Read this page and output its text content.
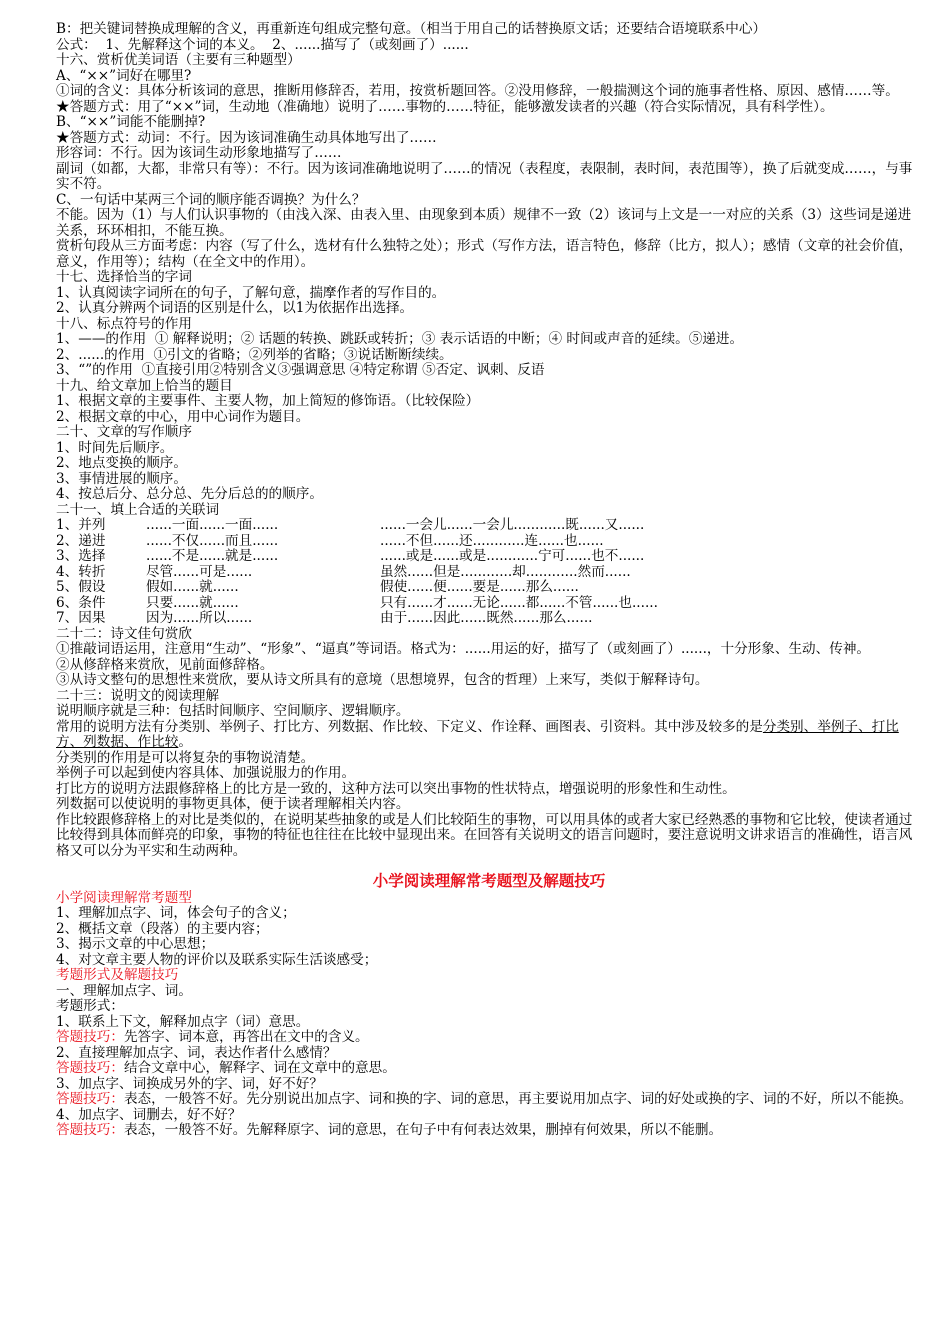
B：把关键词替换成理解的含义，再重新连句组成完整句意。（相当于用自己的话替换原文话；还要结合语境联系中心）

公式：  1、先解释这个词的本义。  2、......描写了（或刻画了）......

十六、赏析优美词语（主要有三种题型）

A、“××”词好在哪里?

①词的含义：具体分析该词的意思，推断用修辞否，若用，按赏析题回答。②没用修辞，一般揣测这个词的施事者性格、原因、感情……等。

★答题方式：用了“××”词，生动地（准确地）说明了……事物的……特征，能够激发读者的兴趣（符合实际情况，具有科学性）。

B、“××”词能不能删掉?

★答题方式：动词：不行。因为该词准确生动具体地写出了……

形容词：不行。因为该词生动形象地描写了……

副词（如都，大都，非常只有等）：不行。因为该词准确地说明了……的情况（表程度，表限制，表时间，表范围等），换了后就变成……，与事实不符。

C、一句话中某两三个词的顺序能否调换？为什么？

不能。因为（1）与人们认识事物的（由浅入深、由表入里、由现象到本质）规律不一致（2）该词与上文是一一对应的关系（3）这些词是递进关系，环环相扣，不能互换。

赏析句段从三方面考虑：内容（写了什么，选材有什么独特之处）；形式（写作方法，语言特色，修辞（比方，拟人）；感情（文章的社会价值，意义，作用等）；结构（在全文中的作用）。

十七、选择恰当的字词

1、认真阅读字词所在的句子，了解句意，揣摩作者的写作目的。

2、认真分辨两个词语的区别是什么，以1为依据作出选择。

十八、标点符号的作用

1、——的作用  ① 解释说明；② 话题的转换、跳跃或转折；③ 表示话语的中断；④ 时间或声音的延续。⑤递进。

2、......的作用  ①引文的省略；②列举的省略；③说话断断续续。

3、“”的作用  ①直接引用②特别含义③强调意思 ④特定称谓 ⑤否定、讽刺、反语

十九、给文章加上恰当的题目

1、根据文章的主要事件、主要人物，加上简短的修饰语。（比较保险）

2、根据文章的中心，用中心词作为题目。

二十、文章的写作顺序

1、时间先后顺序。

2、地点变换的顺序。

3、事情进展的顺序。

4、按总后分、总分总、先分后总的的顺序。

二十一、填上合适的关联词

1、并列	......一面......一面......	......一会儿......一会儿............既......又......
2、递进	......不仅......而且......	......不但......还............连......也......
3、选择	......不是......就是......	......或是......或是............宁可......也不......
4、转折	尽管......可是......	虽然......但是............却............然而......
5、假设	假如......就......	假使......便......要是......那么......
6、条件	只要......就......	只有......才......无论......都......不管......也......
7、因果	因为......所以......	由于......因此......既然......那么......

二十二：诗文佳句赏欣

①推敲词语运用，注意用“生动”、“形象”、“逼真”等词语。格式为：......用运的好，描写了（或刻画了）......，十分形象、生动、传神。

②从修辞格来赏欣，见前面修辞格。

③从诗文整句的思想性来赏欣，要从诗文所具有的意境（思想境界，包含的哲理）上来写，类似于解释诗句。

二十三：说明文的阅读理解

说明顺序就是三种：包括时间顺序、空间顺序、逻辑顺序。

常用的说明方法有分类别、举例子、打比方、列数据、作比较、下定义、作诠释、画图表、引资料。其中涉及较多的是分类别、举例子、打比方、列数据、作比较。

分类别的作用是可以将复杂的事物说清楚。

举例子可以起到使内容具体、加强说服力的作用。

打比方的说明方法跟修辞格上的比方是一致的，这种方法可以突出事物的性状特点，增强说明的形象性和生动性。

列数据可以使说明的事物更具体，便于读者理解相关内容。

作比较跟修辞格上的对比是类似的，在说明某些抽象的或是人们比较陌生的事物，可以用具体的或者大家已经熟悉的事物和它比较，使读者通过比较得到具体而鲜亮的印象，事物的特征也往往在比较中显现出来。在回答有关说明文的语言问题时，要注意说明文讲求语言的准确性，语言风格又可以分为平实和生动两种。

小学阅读理解常考题型及解题技巧

小学阅读理解常考题型

1、理解加点字、词，体会句子的含义；

2、概括文章（段落）的主要内容；

3、揭示文章的中心思想；

4、对文章主要人物的评价以及联系实际生活谈感受；

考题形式及解题技巧

一、理解加点字、词。

考题形式：

1、联系上下文，解释加点字（词）意思。

答题技巧：先答字、词本意，再答出在文中的含义。

2、直接理解加点字、词，表达作者什么感情？

答题技巧：结合文章中心，解释字、词在文章中的意思。

3、加点字、词换成另外的字、词，好不好？

答题技巧：表态，一般答不好。先分别说出加点字、词和换的字、词的意思，再主要说用加点字、词的好处或换的字、词的不好，所以不能换。

4、加点字、词删去，好不好？

答题技巧：表态，一般答不好。先解释原字、词的意思，在句子中有何表达效果，删掉有何效果，所以不能删。
